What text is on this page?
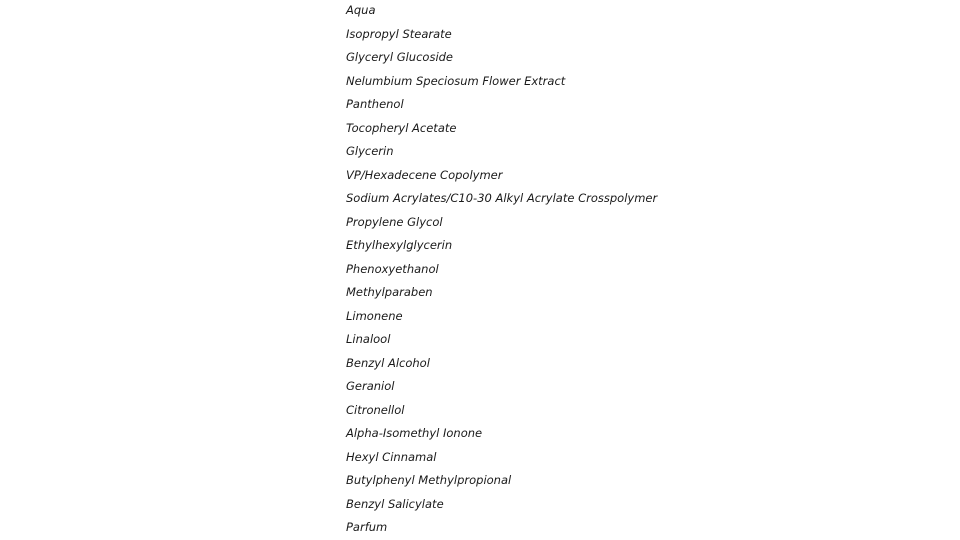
Aqua
Isopropyl Stearate
Glyceryl Glucoside
Nelumbium Speciosum Flower Extract
Panthenol
Tocopheryl Acetate
Glycerin
VP/Hexadecene Copolymer
Sodium Acrylates/C10-30 Alkyl Acrylate Crosspolymer
Propylene Glycol
Ethylhexylglycerin
Phenoxyethanol
Methylparaben
Limonene
Linalool
Benzyl Alcohol
Geraniol
Citronellol
Alpha-Isomethyl Ionone
Hexyl Cinnamal
Butylphenyl Methylpropional
Benzyl Salicylate
Parfum
